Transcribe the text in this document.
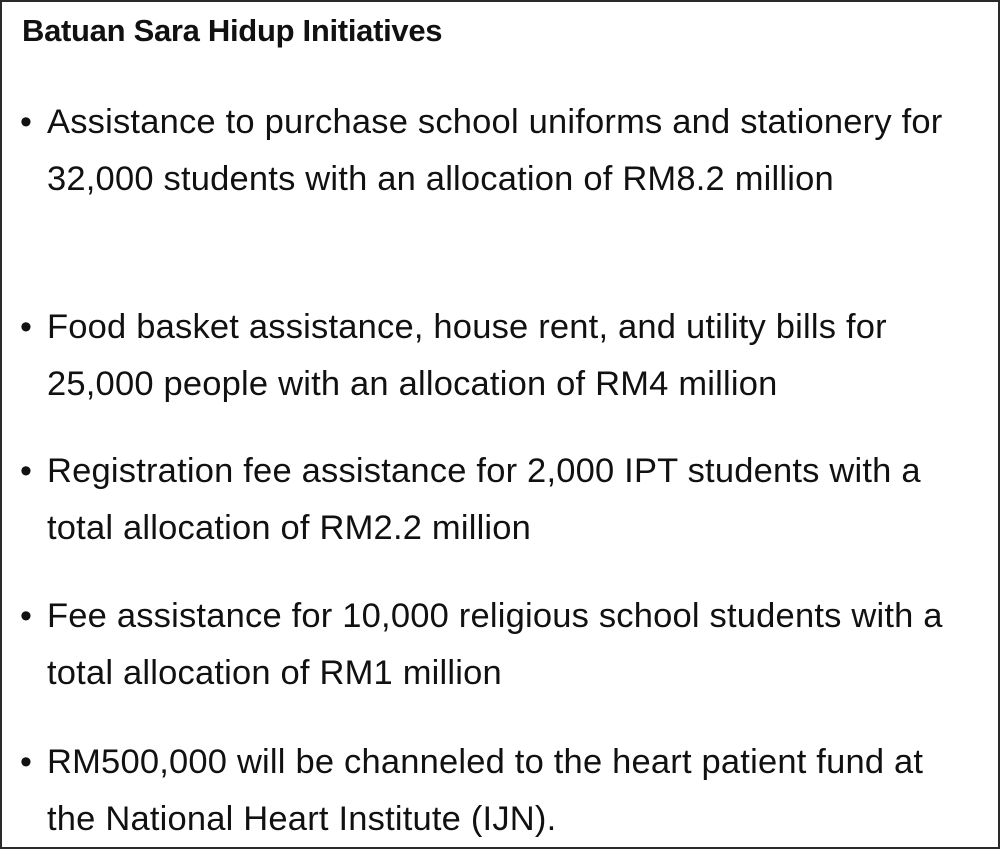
Batuan Sara Hidup Initiatives
• Assistance to purchase school uniforms and stationery for 32,000 students with an allocation of RM8.2 million
• Food basket assistance, house rent, and utility bills for 25,000 people with an allocation of RM4 million
• Registration fee assistance for 2,000 IPT students with a total allocation of RM2.2 million
• Fee assistance for 10,000 religious school students with a total allocation of RM1 million
• RM500,000 will be channeled to the heart patient fund at the National Heart Institute (IJN).
